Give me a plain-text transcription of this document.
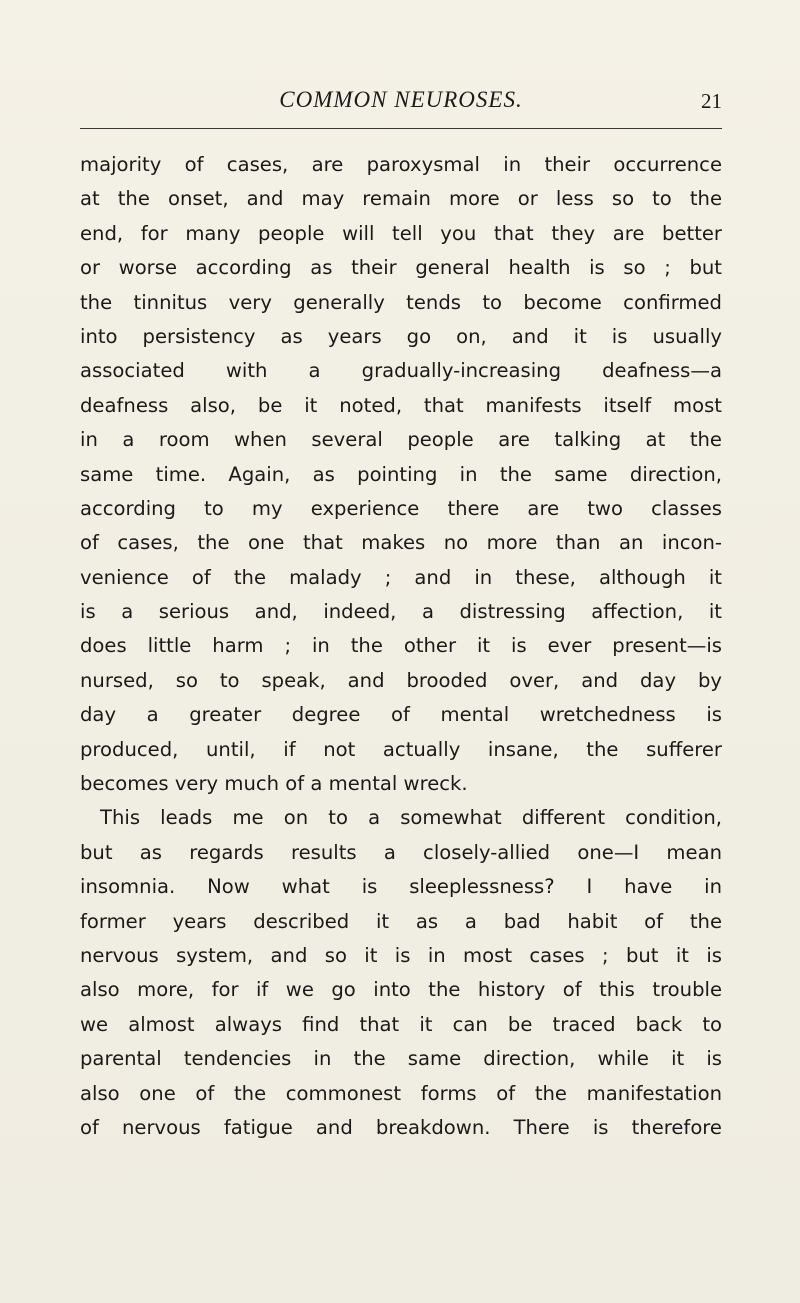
COMMON NEUROSES.	21
majority of cases, are paroxysmal in their occurrence
at the onset, and may remain more or less so to the
end, for many people will tell you that they are better
or worse according as their general health is so ; but
the tinnitus very generally tends to become confirmed
into persistency as years go on, and it is usually
associated with a gradually-increasing deafness—a
deafness also, be it noted, that manifests itself most
in a room when several people are talking at the
same time. Again, as pointing in the same direction,
according to my experience there are two classes
of cases, the one that makes no more than an incon-
venience of the malady ; and in these, although it
is a serious and, indeed, a distressing affection, it
does little harm ; in the other it is ever present—is
nursed, so to speak, and brooded over, and day by
day a greater degree of mental wretchedness is
produced, until, if not actually insane, the sufferer
becomes very much of a mental wreck.
This leads me on to a somewhat different condition,
but as regards results a closely-allied one—I mean
insomnia. Now what is sleeplessness? I have in
former years described it as a bad habit of the
nervous system, and so it is in most cases ; but it is
also more, for if we go into the history of this trouble
we almost always find that it can be traced back to
parental tendencies in the same direction, while it is
also one of the commonest forms of the manifestation
of nervous fatigue and breakdown. There is therefore
